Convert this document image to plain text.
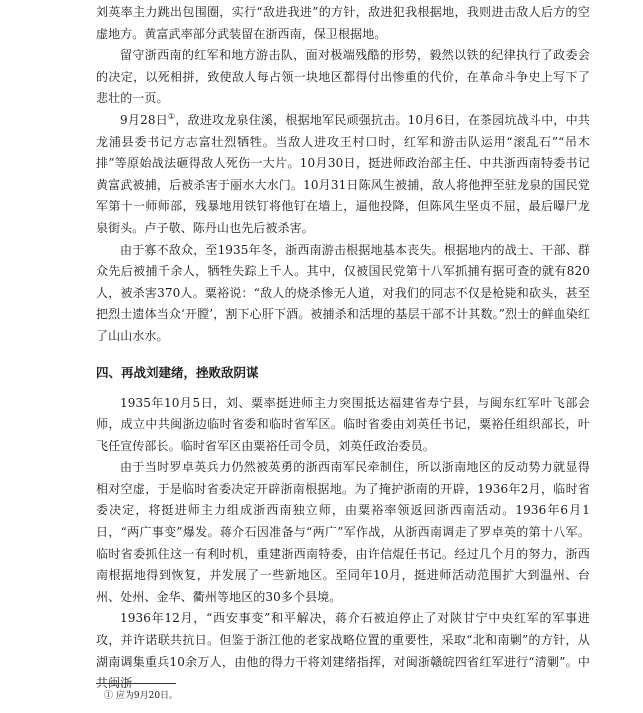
刘英率主力跳出包围圈，实行“敌进我进”的方针，敌进犯我根据地，我则进击敌人后方的空虚地方。黄富武率部分武装留在浙西南，保卫根据地。

留守浙西南的红军和地方游击队，面对极端残酷的形势，毅然以铁的纪律执行了政委会的决定，以死相拼，致使敌人每占领一块地区都得付出惨重的代价，在革命斗争史上写下了悲壮的一页。

9月28日①，敌进攻龙泉住溪，根据地军民顽强抗击。10月6日，在茶园坑战斗中，中共龙浦县委书记方志富壮烈牺牲。当敌人进攻王村口时，红军和游击队运用“滚乱石”“吊木排”等原始战法砸得敌人死伤一大片。10月30日，挺进师政治部主任、中共浙西南特委书记黄富武被捕，后被杀害于丽水大水门。10月31日陈风生被捕，敌人将他押至驻龙泉的国民党军第十一师师部，残暴地用铁钉将他钉在墙上，逼他投降，但陈风生坚贞不屈，最后曝尸龙泉街头。卢子敬、陈丹山也先后被杀害。

由于寡不敌众，至1935年冬，浙西南游击根据地基本丧失。根据地内的战士、干部、群众先后被捕千余人，牺牲失踪上千人。其中，仅被国民党第十八军抓捕有据可查的就有820人，被杀害370人。粟裕说：“敌人的烧杀惨无人道，对我们的同志不仅是枪毙和砍头，甚至把烈士遗体当众‘开膛’，割下心肝下酒。被捕杀和活埋的基层干部不计其数。”烈士的鲜血染红了山山水水。

四、再战刘建绪，挫败敌阴谋

1935年10月5日，刘、粟率挺进师主力突围抵达福建省寿宁县，与闽东红军叶飞部会师，成立中共闽浙边临时省委和临时省军区。临时省委由刘英任书记，粟裕任组织部长，叶飞任宣传部长。临时省军区由粟裕任司令员，刘英任政治委员。

由于当时罗卓英兵力仍然被英勇的浙西南军民牵制住，所以浙南地区的反动势力就显得相对空虚，于是临时省委决定开辟浙南根据地。为了掩护浙南的开辟，1936年2月，临时省委决定，将挺进师主力组成浙西南独立师，由粟裕率领返回浙西南活动。1936年6月1日，“两广事变”爆发。蒋介石因准备与“两广”军作战，从浙西南调走了罗卓英的第十八军。临时省委抓住这一有利时机，重建浙西南特委，由许信焜任书记。经过几个月的努力，浙西南根据地得到恢复，并发展了一些新地区。至同年10月，挺进师活动范围扩大到温州、台州、处州、金华、衢州等地区的30多个县境。

1936年12月，“西安事变”和平解决，蒋介石被迫停止了对陕甘宁中央红军的军事进攻，并许诺联共抗日。但鉴于浙江他的老家战略位置的重要性，采取“北和南剿”的方针，从湖南调集重兵10余万人，由他的得力干将刘建绪指挥，对闽浙赣皖四省红军进行“清剿”。中共闽浙

① 应为9月20日。
